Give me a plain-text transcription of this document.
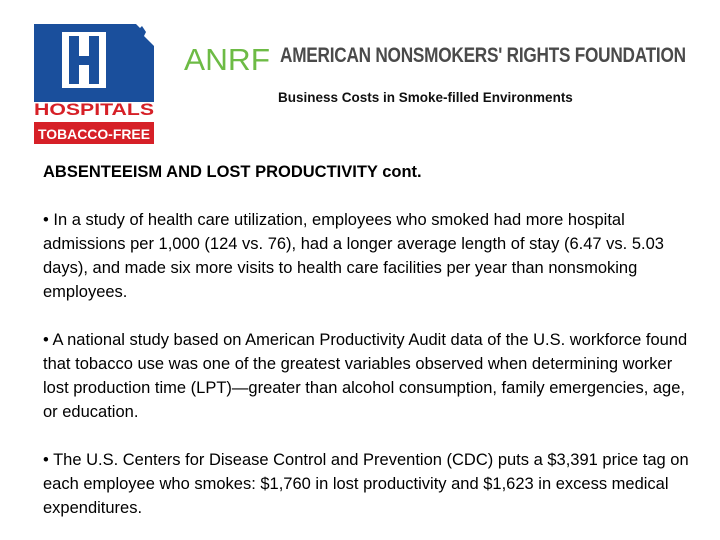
HOSPITALS
TOBACCO-FREE
ANRF AMERICAN NONSMOKERS' RIGHTS FOUNDATION
Business Costs in Smoke-filled Environments
ABSENTEEISM AND LOST PRODUCTIVITY cont.

• In a study of health care utilization, employees who smoked had more hospital admissions per 1,000 (124 vs. 76), had a longer average length of stay (6.47 vs. 5.03 days), and made six more visits to health care facilities per year than nonsmoking employees.

• A national study based on American Productivity Audit data of the U.S. workforce found that tobacco use was one of the greatest variables observed when determining worker lost production time (LPT)—greater than alcohol consumption, family emergencies, age, or education.

• The U.S. Centers for Disease Control and Prevention (CDC) puts a $3,391 price tag on each employee who smokes: $1,760 in lost productivity and $1,623 in excess medical expenditures.
